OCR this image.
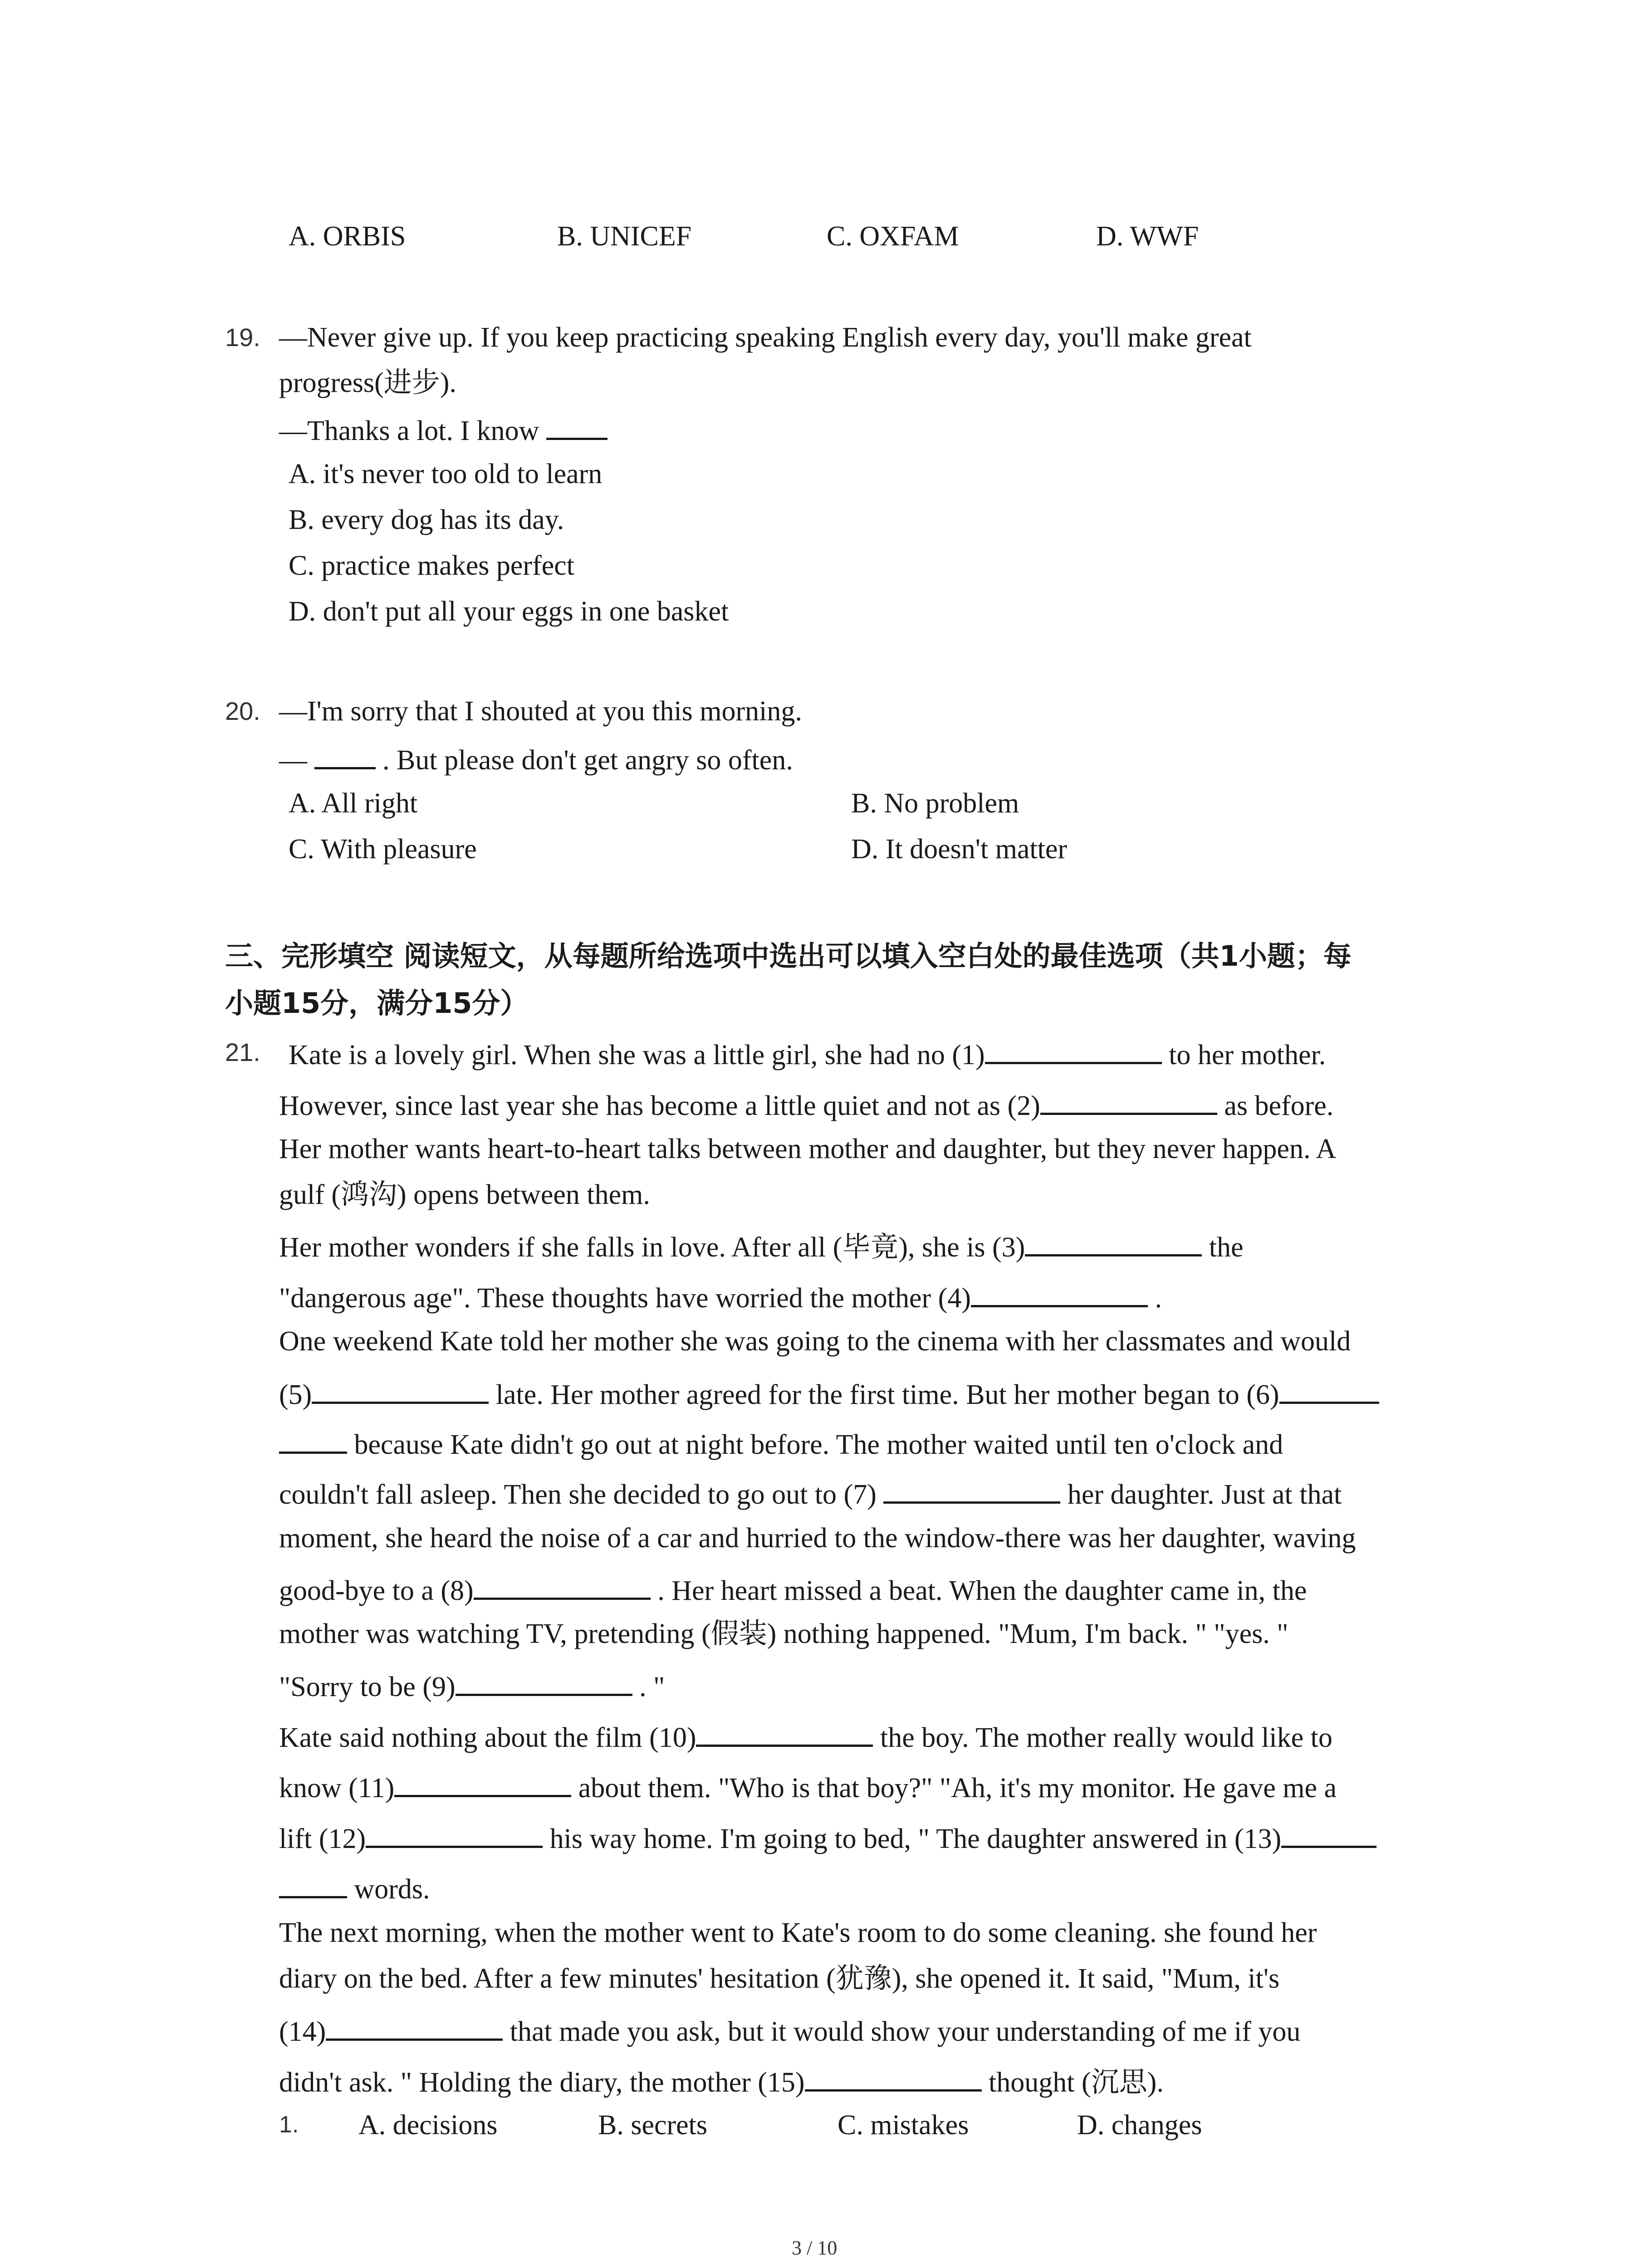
A. ORBIS	B. UNICEF	C. OXFAM	D. WWF
19. —Never give up. If you keep practicing speaking English every day, you'll make great
progress(进步).
—Thanks a lot. I know
A. it's never too old to learn
B. every dog has its day.
C. practice makes perfect
D. don't put all your eggs in one basket
20. —I'm sorry that I shouted at you this morning.
—	. But please don't get angry so often.
A. All right	B. No problem
C. With pleasure	D. It doesn't matter
三、完形填空 阅读短文，从每题所给选项中选出可以填入空白处的最佳选项（共1小题；每
小题15分，满分15分）
21. Kate is a lovely girl. When she was a little girl, she had no (1)	to her mother.
However, since last year she has become a little quiet and not as (2)	as before.
Her mother wants heart-to-heart talks between mother and daughter, but they never happen. A
gulf (鸿沟) opens between them.
Her mother wonders if she falls in love. After all (毕竟), she is (3)	the
"dangerous age". These thoughts have worried the mother (4)	.
One weekend Kate told her mother she was going to the cinema with her classmates and would
(5)	late. Her mother agreed for the first time. But her mother began to (6)
because Kate didn't go out at night before. The mother waited until ten o'clock and
couldn't fall asleep. Then she decided to go out to (7)	her daughter. Just at that
moment, she heard the noise of a car and hurried to the window-there was her daughter, waving
good-bye to a (8)	. Her heart missed a beat. When the daughter came in, the
mother was watching TV, pretending (假装) nothing happened. "Mum, I'm back. " "yes. "
"Sorry to be (9)	. "
Kate said nothing about the film (10)	the boy. The mother really would like to
know (11)	about them. "Who is that boy?" "Ah, it's my monitor. He gave me a
lift (12)	his way home. I'm going to bed, " The daughter answered in (13)
words.
The next morning, when the mother went to Kate's room to do some cleaning. she found her
diary on the bed. After a few minutes' hesitation (犹豫), she opened it. It said, "Mum, it's
(14)	that made you ask, but it would show your understanding of me if you
didn't ask. " Holding the diary, the mother (15)	thought (沉思).
1. A. decisions	B. secrets	C. mistakes	D. changes
3 / 10
